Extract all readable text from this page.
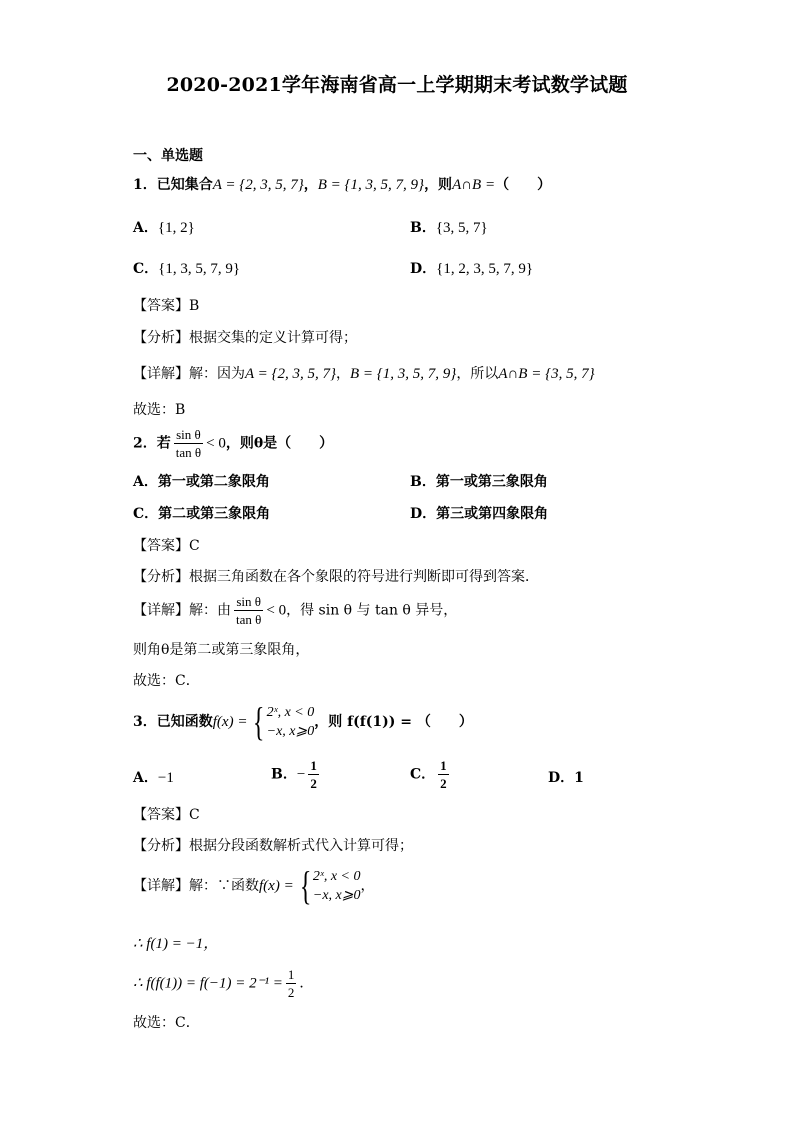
2020-2021学年海南省高一上学期期末考试数学试题
一、单选题
1．已知集合A = {2, 3, 5, 7}，B = {1, 3, 5, 7, 9}，则A∩B =（　　）
A．{1, 2}	B．{3, 5, 7}
C．{1, 3, 5, 7, 9}	D．{1, 2, 3, 5, 7, 9}
【答案】B
【分析】根据交集的定义计算可得；
【详解】解：因为A = {2, 3, 5, 7}，B = {1, 3, 5, 7, 9}，所以A∩B = {3, 5, 7}
故选：B
2．若 $\frac{\text{sin θ}}{\text{tan θ}} < 0$，则θ是（　　）
A．第一或第二象限角	B．第一或第三象限角
C．第二或第三象限角	D．第三或第四象限角
【答案】C
【分析】根据三角函数在各个象限的符号进行判断即可得到答案．
【详解】解：由 $\frac{\text{sin θ}}{\text{tan θ}} < 0$，得 sin θ 与 tan θ 异号，
则角θ是第二或第三象限角，
故选：C．
3．已知函数f(x) = { 2ˣ, x < 0
−x, x⩾0
，则 f(f(1)) = （　　）
A．−1	B．− $\frac{1}{2}$	C． $\frac{1}{2}$	D．1
【答案】C
【分析】根据分段函数解析式代入计算可得；
【详解】解：∵函数f(x) = { 2ˣ, x < 0
−x, x⩾0
，
∴ f(1) = −1，
∴ $f(f(1)) = f(-1) = 2^{-1} = \frac{1}{2}$ ．
故选：C．
